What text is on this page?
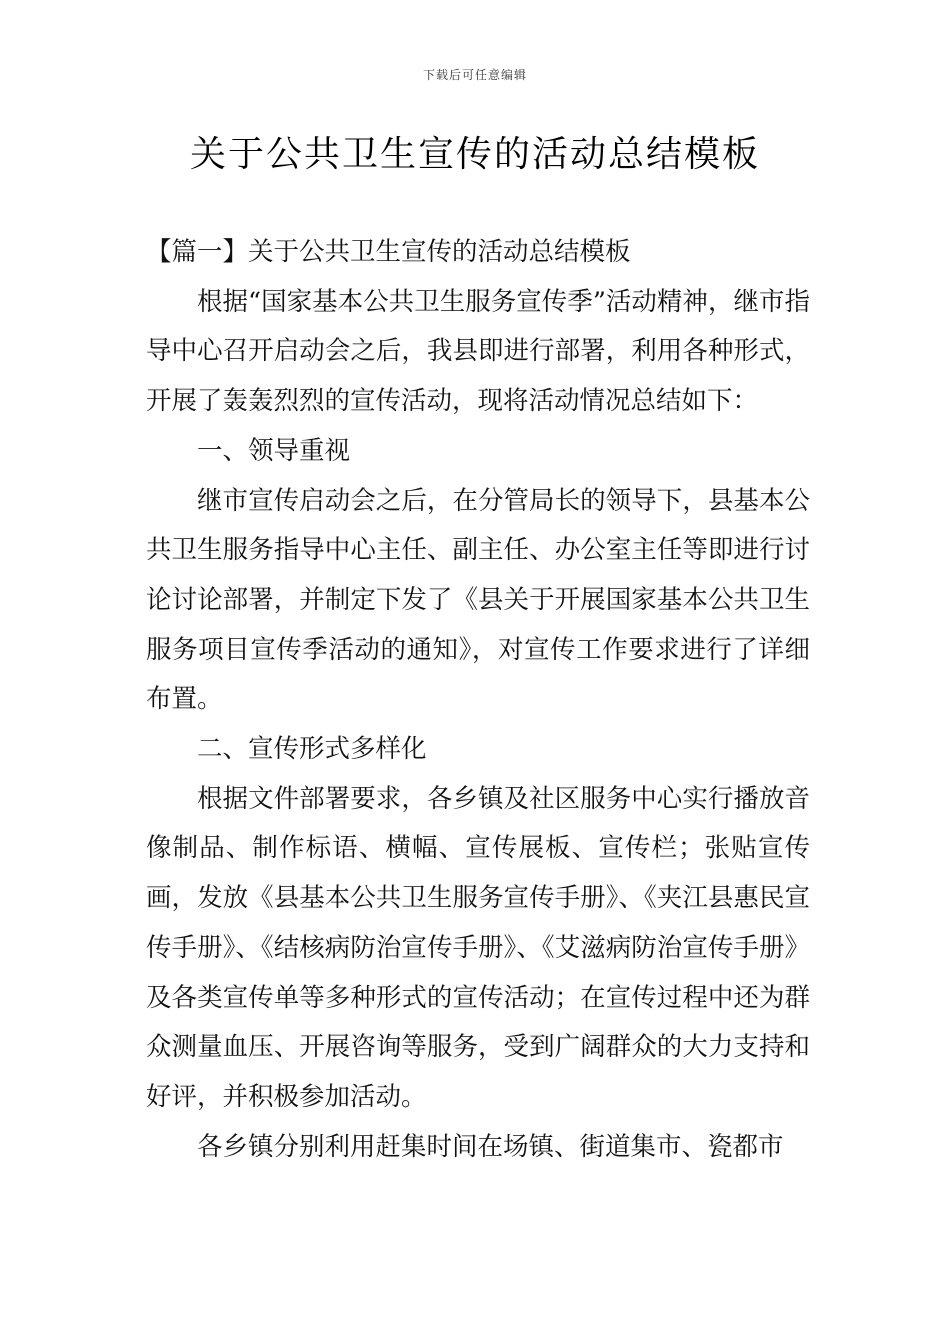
下载后可任意编辑
关于公共卫生宣传的活动总结模板

【篇一】关于公共卫生宣传的活动总结模板

根据“国家基本公共卫生服务宣传季”活动精神，继市指导中心召开启动会之后，我县即进行部署，利用各种形式，开展了轰轰烈烈的宣传活动，现将活动情况总结如下：

一、领导重视

继市宣传启动会之后，在分管局长的领导下，县基本公共卫生服务指导中心主任、副主任、办公室主任等即进行讨论讨论部署，并制定下发了《县关于开展国家基本公共卫生服务项目宣传季活动的通知》，对宣传工作要求进行了详细布置。

二、宣传形式多样化

根据文件部署要求，各乡镇及社区服务中心实行播放音像制品、制作标语、横幅、宣传展板、宣传栏；张贴宣传画，发放《县基本公共卫生服务宣传手册》、《夹江县惠民宣传手册》、《结核病防治宣传手册》、《艾滋病防治宣传手册》及各类宣传单等多种形式的宣传活动；在宣传过程中还为群众测量血压、开展咨询等服务，受到广阔群众的大力支持和好评，并积极参加活动。

各乡镇分别利用赶集时间在场镇、街道集市、瓷都市
